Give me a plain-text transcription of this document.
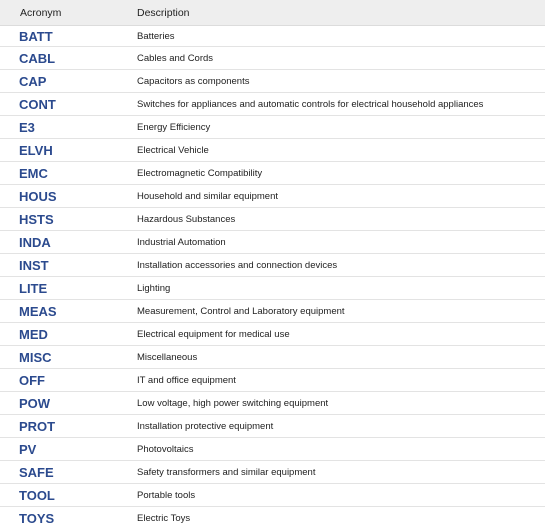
Acronym	Description
BATT	Batteries
CABL	Cables and Cords
CAP	Capacitors as components
CONT	Switches for appliances and automatic controls for electrical household appliances
E3	Energy Efficiency
ELVH	Electrical Vehicle
EMC	Electromagnetic Compatibility
HOUS	Household and similar equipment
HSTS	Hazardous Substances
INDA	Industrial Automation
INST	Installation accessories and connection devices
LITE	Lighting
MEAS	Measurement, Control and Laboratory equipment
MED	Electrical equipment for medical use
MISC	Miscellaneous
OFF	IT and office equipment
POW	Low voltage, high power switching equipment
PROT	Installation protective equipment
PV	Photovoltaics
SAFE	Safety transformers and similar equipment
TOOL	Portable tools
TOYS	Electric Toys
